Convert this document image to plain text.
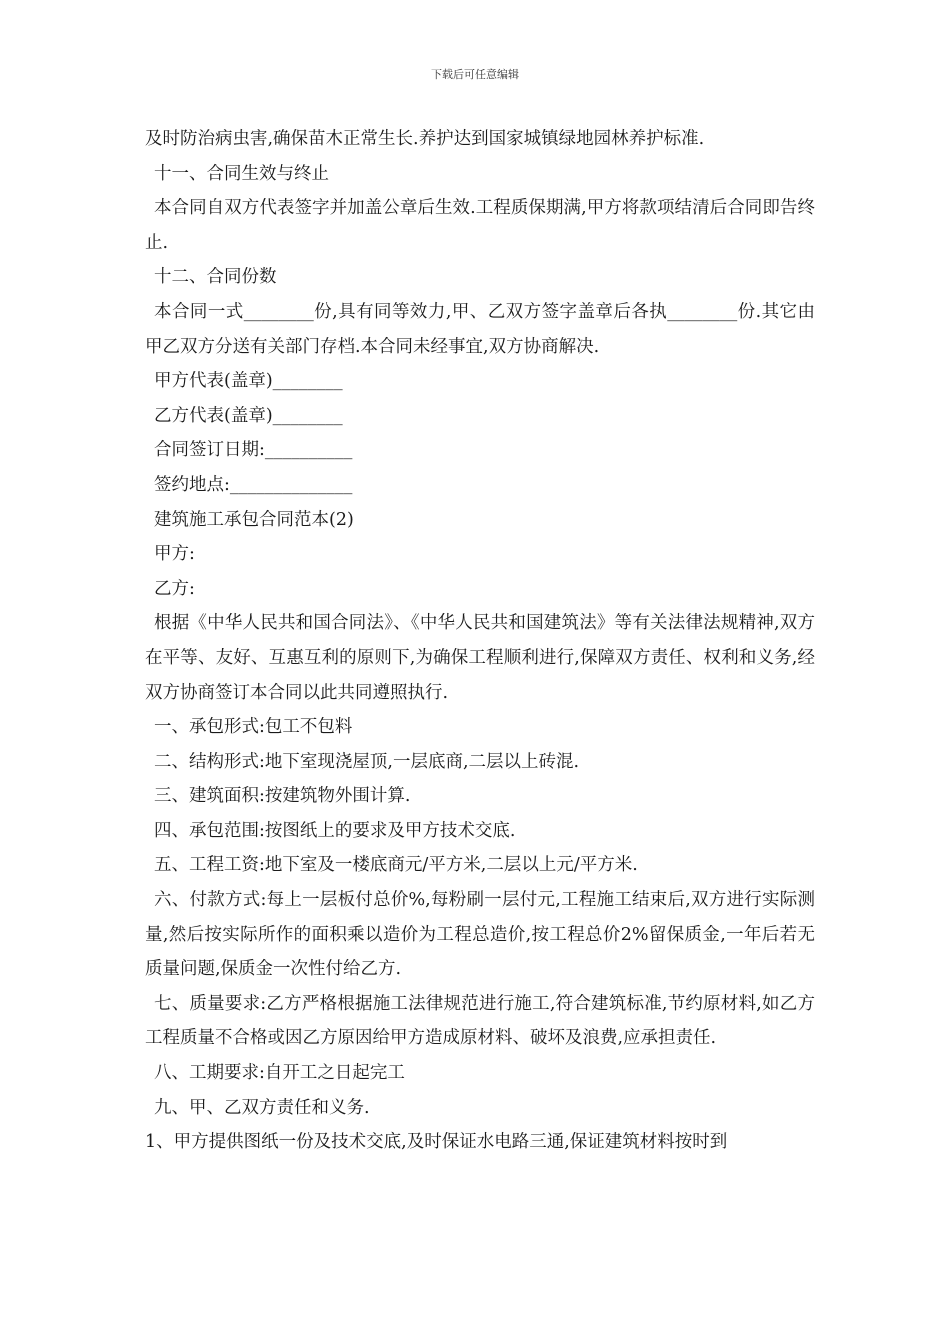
下载后可任意编辑

及时防治病虫害,确保苗木正常生长.养护达到国家城镇绿地园林养护标准.

十一、合同生效与终止

本合同自双方代表签字并加盖公章后生效.工程质保期满,甲方将款项结清后合同即告终止.

十二、合同份数

本合同一式________份,具有同等效力,甲、乙双方签字盖章后各执________份.其它由甲乙双方分送有关部门存档.本合同未经事宜,双方协商解决.

甲方代表(盖章)________

乙方代表(盖章)________

合同签订日期:__________

签约地点:______________

建筑施工承包合同范本(2)

甲方:

乙方:

根据《中华人民共和国合同法》、《中华人民共和国建筑法》等有关法律法规精神,双方在平等、友好、互惠互利的原则下,为确保工程顺利进行,保障双方责任、权利和义务,经双方协商签订本合同以此共同遵照执行.

一、承包形式:包工不包料

二、结构形式:地下室现浇屋顶,一层底商,二层以上砖混.

三、建筑面积:按建筑物外围计算.

四、承包范围:按图纸上的要求及甲方技术交底.

五、工程工资:地下室及一楼底商元/平方米,二层以上元/平方米.

六、付款方式:每上一层板付总价%,每粉刷一层付元,工程施工结束后,双方进行实际测量,然后按实际所作的面积乘以造价为工程总造价,按工程总价2%留保质金,一年后若无质量问题,保质金一次性付给乙方.

七、质量要求:乙方严格根据施工法律规范进行施工,符合建筑标准,节约原材料,如乙方工程质量不合格或因乙方原因给甲方造成原材料、破坏及浪费,应承担责任.

八、工期要求:自开工之日起完工

九、甲、乙双方责任和义务.

1、甲方提供图纸一份及技术交底,及时保证水电路三通,保证建筑材料按时到
